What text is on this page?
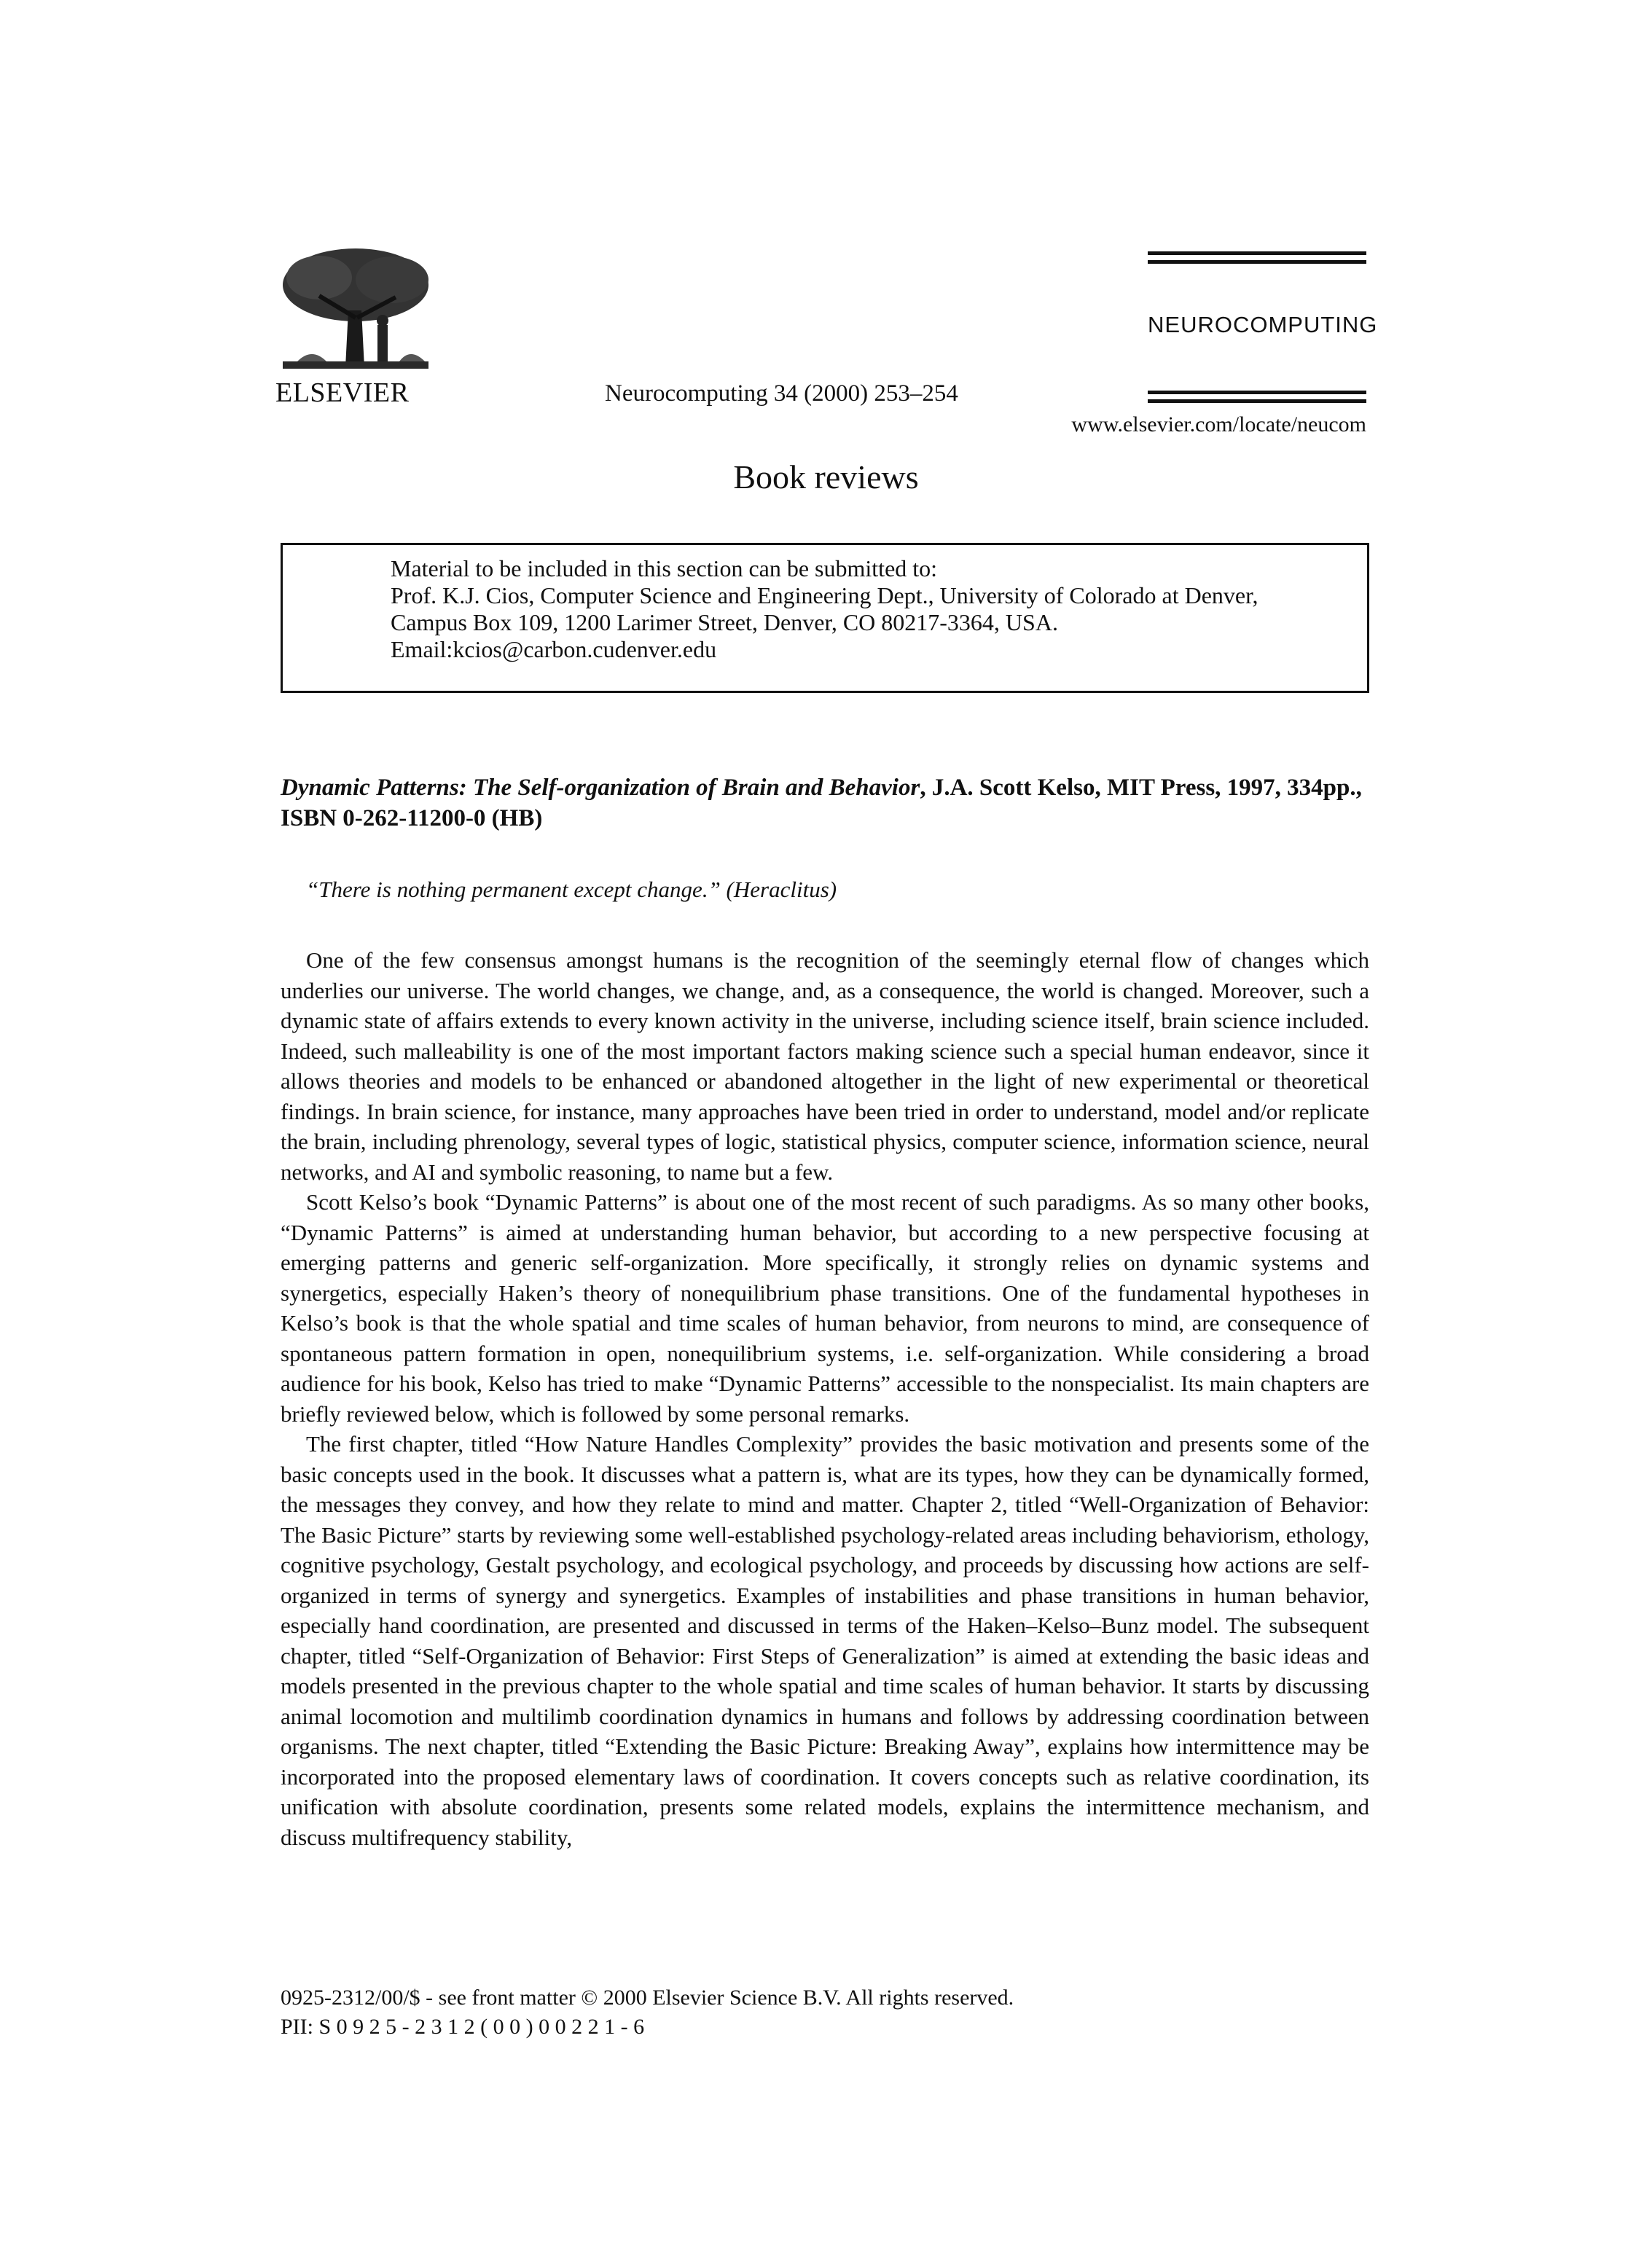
ELSEVIER	Neurocomputing 34 (2000) 253–254
NEUROCOMPUTING
www.elsevier.com/locate/neucom
Book reviews
Material to be included in this section can be submitted to:
Prof. K.J. Cios, Computer Science and Engineering Dept., University of Colorado at Denver,
Campus Box 109, 1200 Larimer Street, Denver, CO 80217-3364, USA.
Email:kcios@carbon.cudenver.edu
Dynamic Patterns: The Self-organization of Brain and Behavior, J.A. Scott Kelso, MIT Press, 1997, 334pp., ISBN 0-262-11200-0 (HB)
“There is nothing permanent except change.” (Heraclitus)

One of the few consensus amongst humans is the recognition of the seemingly eternal flow of changes which underlies our universe. The world changes, we change, and, as a consequence, the world is changed. Moreover, such a dynamic state of affairs extends to every known activity in the universe, including science itself, brain science included. Indeed, such malleability is one of the most important factors making science such a special human endeavor, since it allows theories and models to be enhanced or abandoned altogether in the light of new experimental or theoretical findings. In brain science, for instance, many approaches have been tried in order to understand, model and/or replicate the brain, including phrenology, several types of logic, statistical physics, computer science, information science, neural networks, and AI and symbolic reasoning, to name but a few.

Scott Kelso’s book “Dynamic Patterns” is about one of the most recent of such paradigms. As so many other books, “Dynamic Patterns” is aimed at understanding human behavior, but according to a new perspective focusing at emerging patterns and generic self-organization. More specifically, it strongly relies on dynamic systems and synergetics, especially Haken’s theory of nonequilibrium phase transitions. One of the fundamental hypotheses in Kelso’s book is that the whole spatial and time scales of human behavior, from neurons to mind, are consequence of spontaneous pattern formation in open, nonequilibrium systems, i.e. self-organization. While considering a broad audience for his book, Kelso has tried to make “Dynamic Patterns” accessible to the nonspecialist. Its main chapters are briefly reviewed below, which is followed by some personal remarks.

The first chapter, titled “How Nature Handles Complexity” provides the basic motivation and presents some of the basic concepts used in the book. It discusses what a pattern is, what are its types, how they can be dynamically formed, the messages they convey, and how they relate to mind and matter. Chapter 2, titled “Well-Organization of Behavior: The Basic Picture” starts by reviewing some well-established psychology-related areas including behaviorism, ethology, cognitive psychology, Gestalt psychology, and ecological psychology, and proceeds by discussing how actions are self-organized in terms of synergy and synergetics. Examples of instabilities and phase transitions in human behavior, especially hand coordination, are presented and discussed in terms of the Haken–Kelso–Bunz model. The subsequent chapter, titled “Self-Organization of Behavior: First Steps of Generalization” is aimed at extending the basic ideas and models presented in the previous chapter to the whole spatial and time scales of human behavior. It starts by discussing animal locomotion and multilimb coordination dynamics in humans and follows by addressing coordination between organisms. The next chapter, titled “Extending the Basic Picture: Breaking Away”, explains how intermittence may be incorporated into the proposed elementary laws of coordination. It covers concepts such as relative coordination, its unification with absolute coordination, presents some related models, explains the intermittence mechanism, and discuss multifrequency stability,

0925-2312/00/$ - see front matter © 2000 Elsevier Science B.V. All rights reserved.
PII: S 0 9 2 5 - 2 3 1 2 ( 0 0 ) 0 0 2 2 1 - 6
